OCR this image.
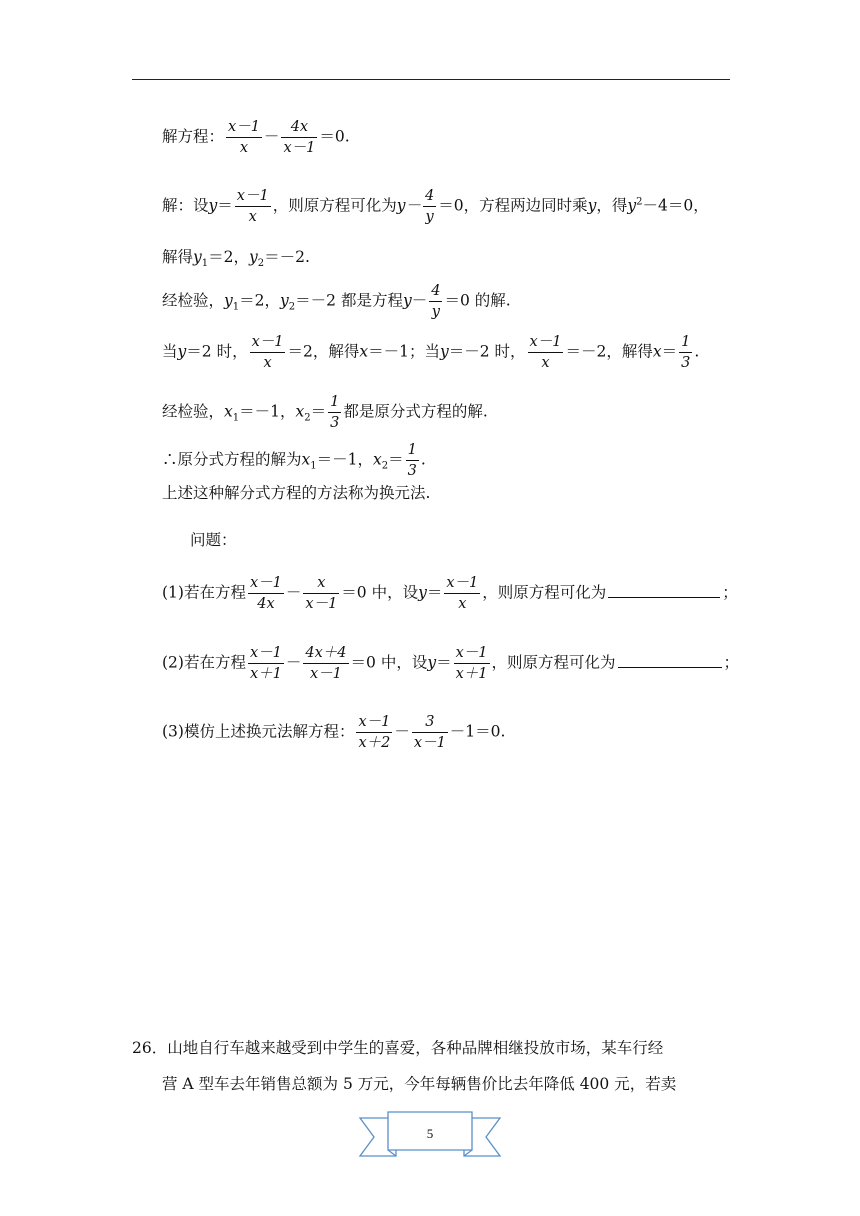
解方程： $\frac{x-1}{x} - \frac{4x}{x-1} =0$.
解：设$y= \frac{x-1}{x}$ ，则原方程可化为$y- \frac{4}{y} =0$，方程两边同时乘y，得$y^2-4=0$，
解得$y_1=2$，$y_2=-2$.
经检验，$y_1=2$，$y_2=-2$ 都是方程$y- \frac{4}{y} =0$ 的解.
当y＝2 时， $\frac{x-1}{x} =2$，解得x＝－1；当y＝－2 时， $\frac{x-1}{x} =-2$，解得$x= \frac{1}{3}$ .
经检验，$x_1=-1$，$x_2= \frac{1}{3}$ 都是原分式方程的解.
∴原分式方程的解为$x_1=-1$，$x_2= \frac{1}{3}$ .
上述这种解分式方程的方法称为换元法.
问题：
(1)若在方程 $\frac{x-1}{4x} - \frac{x}{x-1} =0$ 中，设$y= \frac{x-1}{x}$ ，则原方程可化为	；
(2)若在方程 $\frac{x-1}{x+1} - \frac{4x+4}{x-1} =0$ 中，设$y= \frac{x-1}{x+1}$ ，则原方程可化为	；
(3)模仿上述换元法解方程： $\frac{x-1}{x+2} - \frac{3}{x-1} -1=0$.
26．山地自行车越来越受到中学生的喜爱，各种品牌相继投放市场，某车行经
营 A 型车去年销售总额为 5 万元，今年每辆售价比去年降低 400 元，若卖
5
